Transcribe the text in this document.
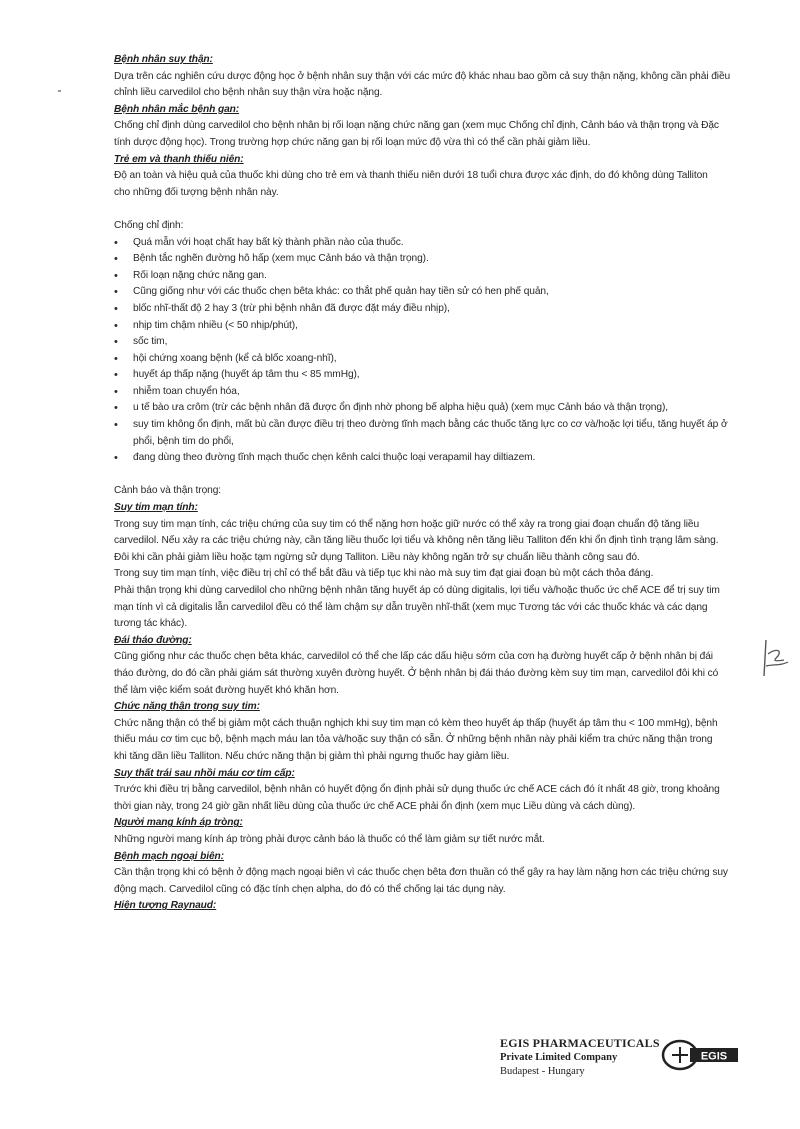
Bệnh nhân suy thận:
Dựa trên các nghiên cứu dược động học ở bệnh nhân suy thận với các mức độ khác nhau bao gồm cả suy thận nặng, không cần phải điều
chỉnh liều carvedilol cho bệnh nhân suy thận vừa hoặc nặng.
Bệnh nhân mắc bệnh gan:
Chống chỉ định dùng carvedilol cho bệnh nhân bị rối loạn nặng chức năng gan (xem mục Chống chỉ định, Cảnh báo và thận trọng và Đặc
tính dược động học). Trong trường hợp chức năng gan bị rối loạn mức độ vừa thì có thể cần phải giảm liều.
Trẻ em và thanh thiếu niên:
Độ an toàn và hiệu quả của thuốc khi dùng cho trẻ em và thanh thiếu niên dưới 18 tuổi chưa được xác định, do đó không dùng Talliton
cho những đối tượng bệnh nhân này.
Chống chỉ định:
• Quá mẫn với hoạt chất hay bất kỳ thành phần nào của thuốc.
• Bệnh tắc nghẽn đường hô hấp (xem mục Cảnh báo và thận trọng).
• Rối loạn nặng chức năng gan.
• Cũng giống như với các thuốc chẹn bêta khác: co thắt phế quản hay tiền sử có hen phế quản,
• blốc nhĩ-thất độ 2 hay 3 (trừ phi bệnh nhân đã được đặt máy điều nhịp),
• nhịp tim chậm nhiều (< 50 nhịp/phút),
• sốc tim,
• hội chứng xoang bệnh (kể cả blốc xoang-nhĩ),
• huyết áp thấp nặng (huyết áp tâm thu < 85 mmHg),
• nhiễm toan chuyển hóa,
• u tế bào ưa crôm (trừ các bệnh nhân đã được ổn định nhờ phong bế alpha hiệu quả) (xem mục Cảnh báo và thận trọng),
• suy tim không ổn định, mất bù cần được điều trị theo đường tĩnh mạch bằng các thuốc tăng lực co cơ và/hoặc lợi tiểu, tăng huyết áp ở
phổi, bệnh tim do phổi,
• đang dùng theo đường tĩnh mạch thuốc chẹn kênh calci thuộc loại verapamil hay diltiazem.
Cảnh báo và thận trọng:
Suy tim mạn tính:
Trong suy tim mạn tính, các triệu chứng của suy tim có thể nặng hơn hoặc giữ nước có thể xảy ra trong giai đoạn chuẩn độ tăng liều
carvedilol. Nếu xảy ra các triệu chứng này, cần tăng liều thuốc lợi tiểu và không nên tăng liều Talliton đến khi ổn định tình trạng lâm sàng.
Đôi khi cần phải giảm liều hoặc tạm ngừng sử dụng Talliton. Liều này không ngăn trở sự chuẩn liều thành công sau đó.
Trong suy tim mạn tính, việc điều trị chỉ có thể bắt đầu và tiếp tục khi nào mà suy tim đạt giai đoạn bù một cách thỏa đáng.
Phải thận trọng khi dùng carvedilol cho những bệnh nhân tăng huyết áp có dùng digitalis, lợi tiểu và/hoặc thuốc ức chế ACE để trị suy tim
mạn tính vì cả digitalis lẫn carvedilol đều có thể làm chậm sự dẫn truyền nhĩ-thất (xem mục Tương tác với các thuốc khác và các dạng
tương tác khác).
Đái tháo đường:
Cũng giống như các thuốc chẹn bêta khác, carvedilol có thể che lấp các dấu hiệu sớm của cơn hạ đường huyết cấp ở bệnh nhân bị đái
tháo đường, do đó cần phải giám sát thường xuyên đường huyết. Ở bệnh nhân bị đái tháo đường kèm suy tim mạn, carvedilol đôi khi có
thể làm việc kiểm soát đường huyết khó khăn hơn.
Chức năng thận trong suy tim:
Chức năng thận có thể bị giảm một cách thuận nghịch khi suy tim mạn có kèm theo huyết áp thấp (huyết áp tâm thu < 100 mmHg), bệnh
thiếu máu cơ tim cục bộ, bệnh mạch máu lan tỏa và/hoặc suy thận có sẵn. Ở những bệnh nhân này phải kiểm tra chức năng thận trong
khi tăng dần liều Talliton. Nếu chức năng thận bị giảm thì phải ngưng thuốc hay giảm liều.
Suy thất trái sau nhồi máu cơ tim cấp:
Trước khi điều trị bằng carvedilol, bệnh nhân có huyết động ổn định phải sử dụng thuốc ức chế ACE cách đó ít nhất 48 giờ, trong khoảng
thời gian này, trong 24 giờ gần nhất liều dùng của thuốc ức chế ACE phải ổn định (xem mục Liều dùng và cách dùng).
Người mang kính áp tròng:
Những người mang kính áp tròng phải được cảnh báo là thuốc có thể làm giảm sự tiết nước mắt.
Bệnh mạch ngoại biên:
Cần thận trọng khi có bệnh ở động mạch ngoại biên vì các thuốc chẹn bêta đơn thuần có thể gây ra hay làm nặng hơn các triệu chứng suy
động mạch. Carvedilol cũng có đặc tính chẹn alpha, do đó có thể chống lại tác dụng này.
Hiện tượng Raynaud:
EGIS PHARMACEUTICALS
Private Limited Company
Budapest - Hungary
EGIS
